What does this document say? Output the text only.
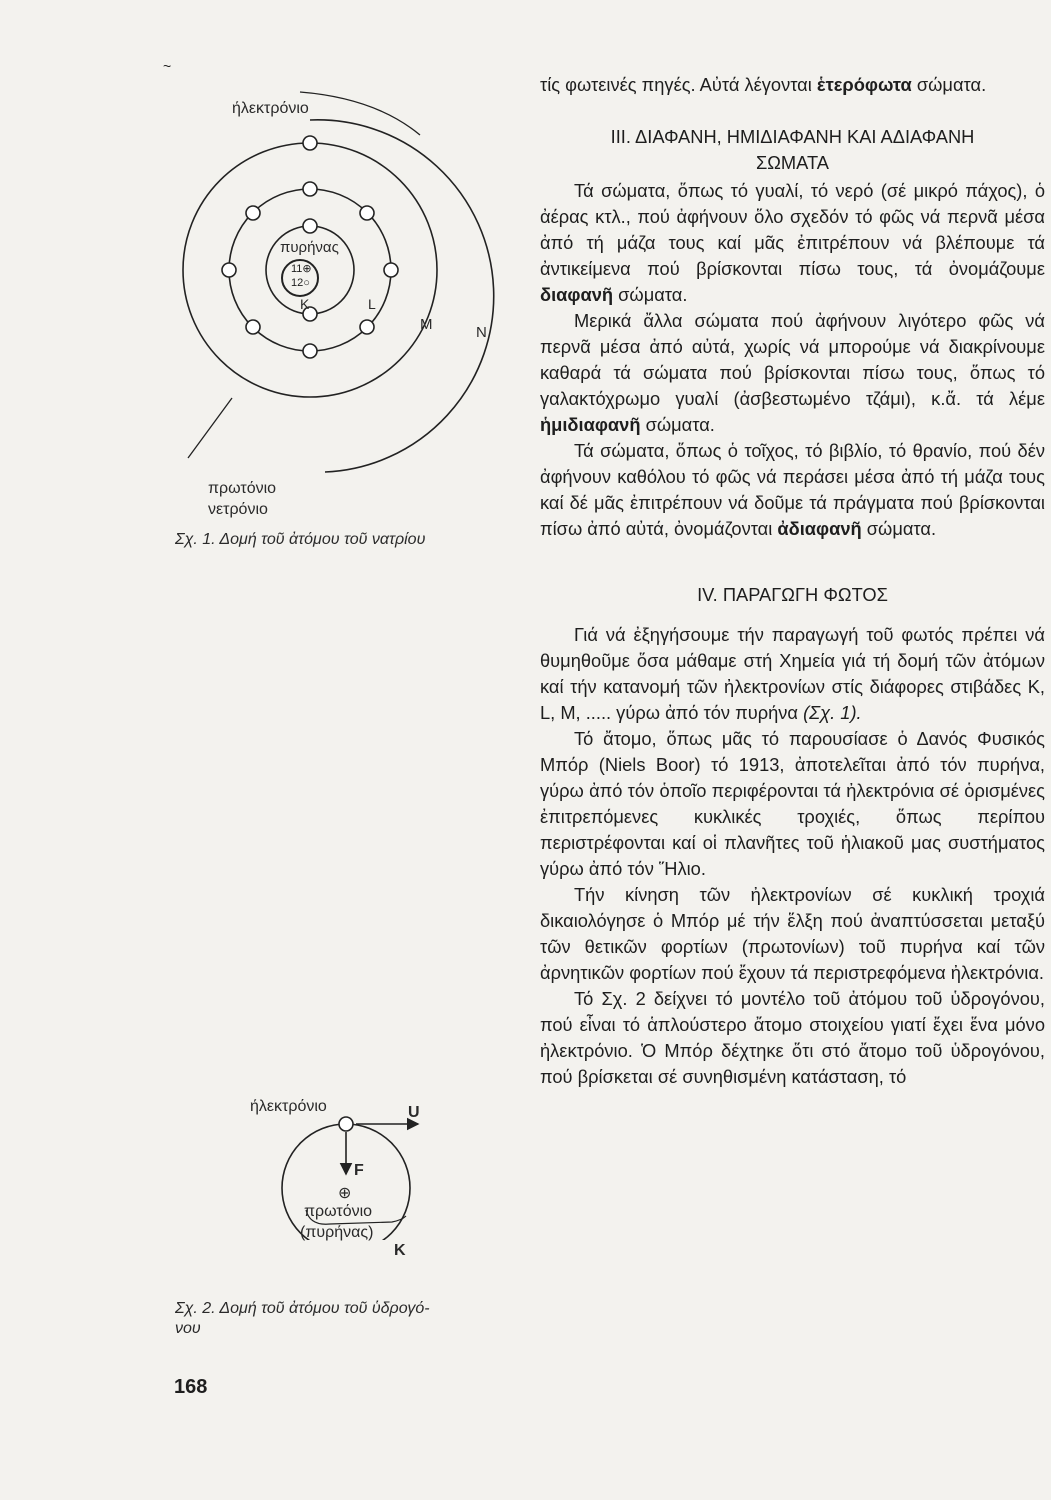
~
ήλεκτρόνιο
πυρήνας
11⊕
12○
K	L
M	N
πρωτόνιο
νετρόνιο
Σχ. 1. Δομή τοῦ ἀτόμου τοῦ νατρίου
ήλεκτρόνιο	U
F
⊕
πρωτόνιο
(πυρήνας)
K
Σχ. 2. Δομή τοῦ ἀτόμου τοῦ ὑδρογό-
νου
168

τίς φωτεινές πηγές. Αὐτά λέγονται ἑτερόφωτα σώματα.

ΙΙΙ. ΔΙΑΦΑΝΗ, ΗΜΙΔΙΑΦΑΝΗ ΚΑΙ ΑΔΙΑΦΑΝΗ ΣΩΜΑΤΑ

Τά σώματα, ὅπως τό γυαλί, τό νερό (σέ μικρό πάχος), ὁ ἀέρας κτλ., πού ἀφήνουν ὅλο σχεδόν τό φῶς νά περνᾶ μέσα ἀπό τή μάζα τους καί μᾶς ἐπιτρέπουν νά βλέπουμε τά ἀντικείμενα πού βρίσκονται πίσω τους, τά ὀνομάζουμε διαφανῆ σώματα.

Μερικά ἄλλα σώματα πού ἀφήνουν λιγότερο φῶς νά περνᾶ μέσα ἀπό αὐτά, χωρίς νά μπορούμε νά διακρίνουμε καθαρά τά σώματα πού βρίσκονται πίσω τους, ὅπως τό γαλακτόχρωμο γυαλί (ἀσβεστωμένο τζάμι), κ.ἄ. τά λέμε ἡμιδιαφανῆ σώματα.

Τά σώματα, ὅπως ὁ τοῖχος, τό βιβλίο, τό θρανίο, πού δέν ἀφήνουν καθόλου τό φῶς νά περάσει μέσα ἀπό τή μάζα τους καί δέ μᾶς ἐπιτρέπουν νά δοῦμε τά πράγματα πού βρίσκονται πίσω ἀπό αὐτά, ὀνομάζονται ἀδιαφανῆ σώματα.

IV. ΠΑΡΑΓΩΓΗ ΦΩΤΟΣ

Γιά νά ἐξηγήσουμε τήν παραγωγή τοῦ φωτός πρέπει νά θυμηθοῦμε ὅσα μάθαμε στή Χημεία γιά τή δομή τῶν ἀτόμων καί τήν κατανομή τῶν ἠλεκτρονίων στίς διάφορες στιβάδες K, L, M, ..... γύρω ἀπό τόν πυρήνα (Σχ. 1).

Τό ἄτομο, ὅπως μᾶς τό παρουσίασε ὁ Δανός Φυσικός Μπόρ (Niels Boor) τό 1913, ἀποτελεῖται ἀπό τόν πυρήνα, γύρω ἀπό τόν ὁποῖο περιφέρονται τά ἠλεκτρόνια σέ ὁρισμένες ἐπιτρεπόμενες κυκλικές τροχιές, ὅπως περίπου περιστρέφονται καί οἱ πλανῆτες τοῦ ἡλιακοῦ μας συστήματος γύρω ἀπό τόν Ἥλιο.

Τήν κίνηση τῶν ἠλεκτρονίων σέ κυκλική τροχιά δικαιολόγησε ὁ Μπόρ μέ τήν ἕλξη πού ἀναπτύσσεται μεταξύ τῶν θετικῶν φορτίων (πρωτονίων) τοῦ πυρήνα καί τῶν ἀρνητικῶν φορτίων πού ἔχουν τά περιστρεφόμενα ἠλεκτρόνια.

Τό Σχ. 2 δείχνει τό μοντέλο τοῦ ἀτόμου τοῦ ὑδρογόνου, πού εἶναι τό ἁπλούστερο ἄτομο στοιχείου γιατί ἔχει ἕνα μόνο ἠλεκτρόνιο. Ὁ Μπόρ δέχτηκε ὅτι στό ἄτομο τοῦ ὑδρογόνου, πού βρίσκεται σέ συνηθισμένη κατάσταση, τό
